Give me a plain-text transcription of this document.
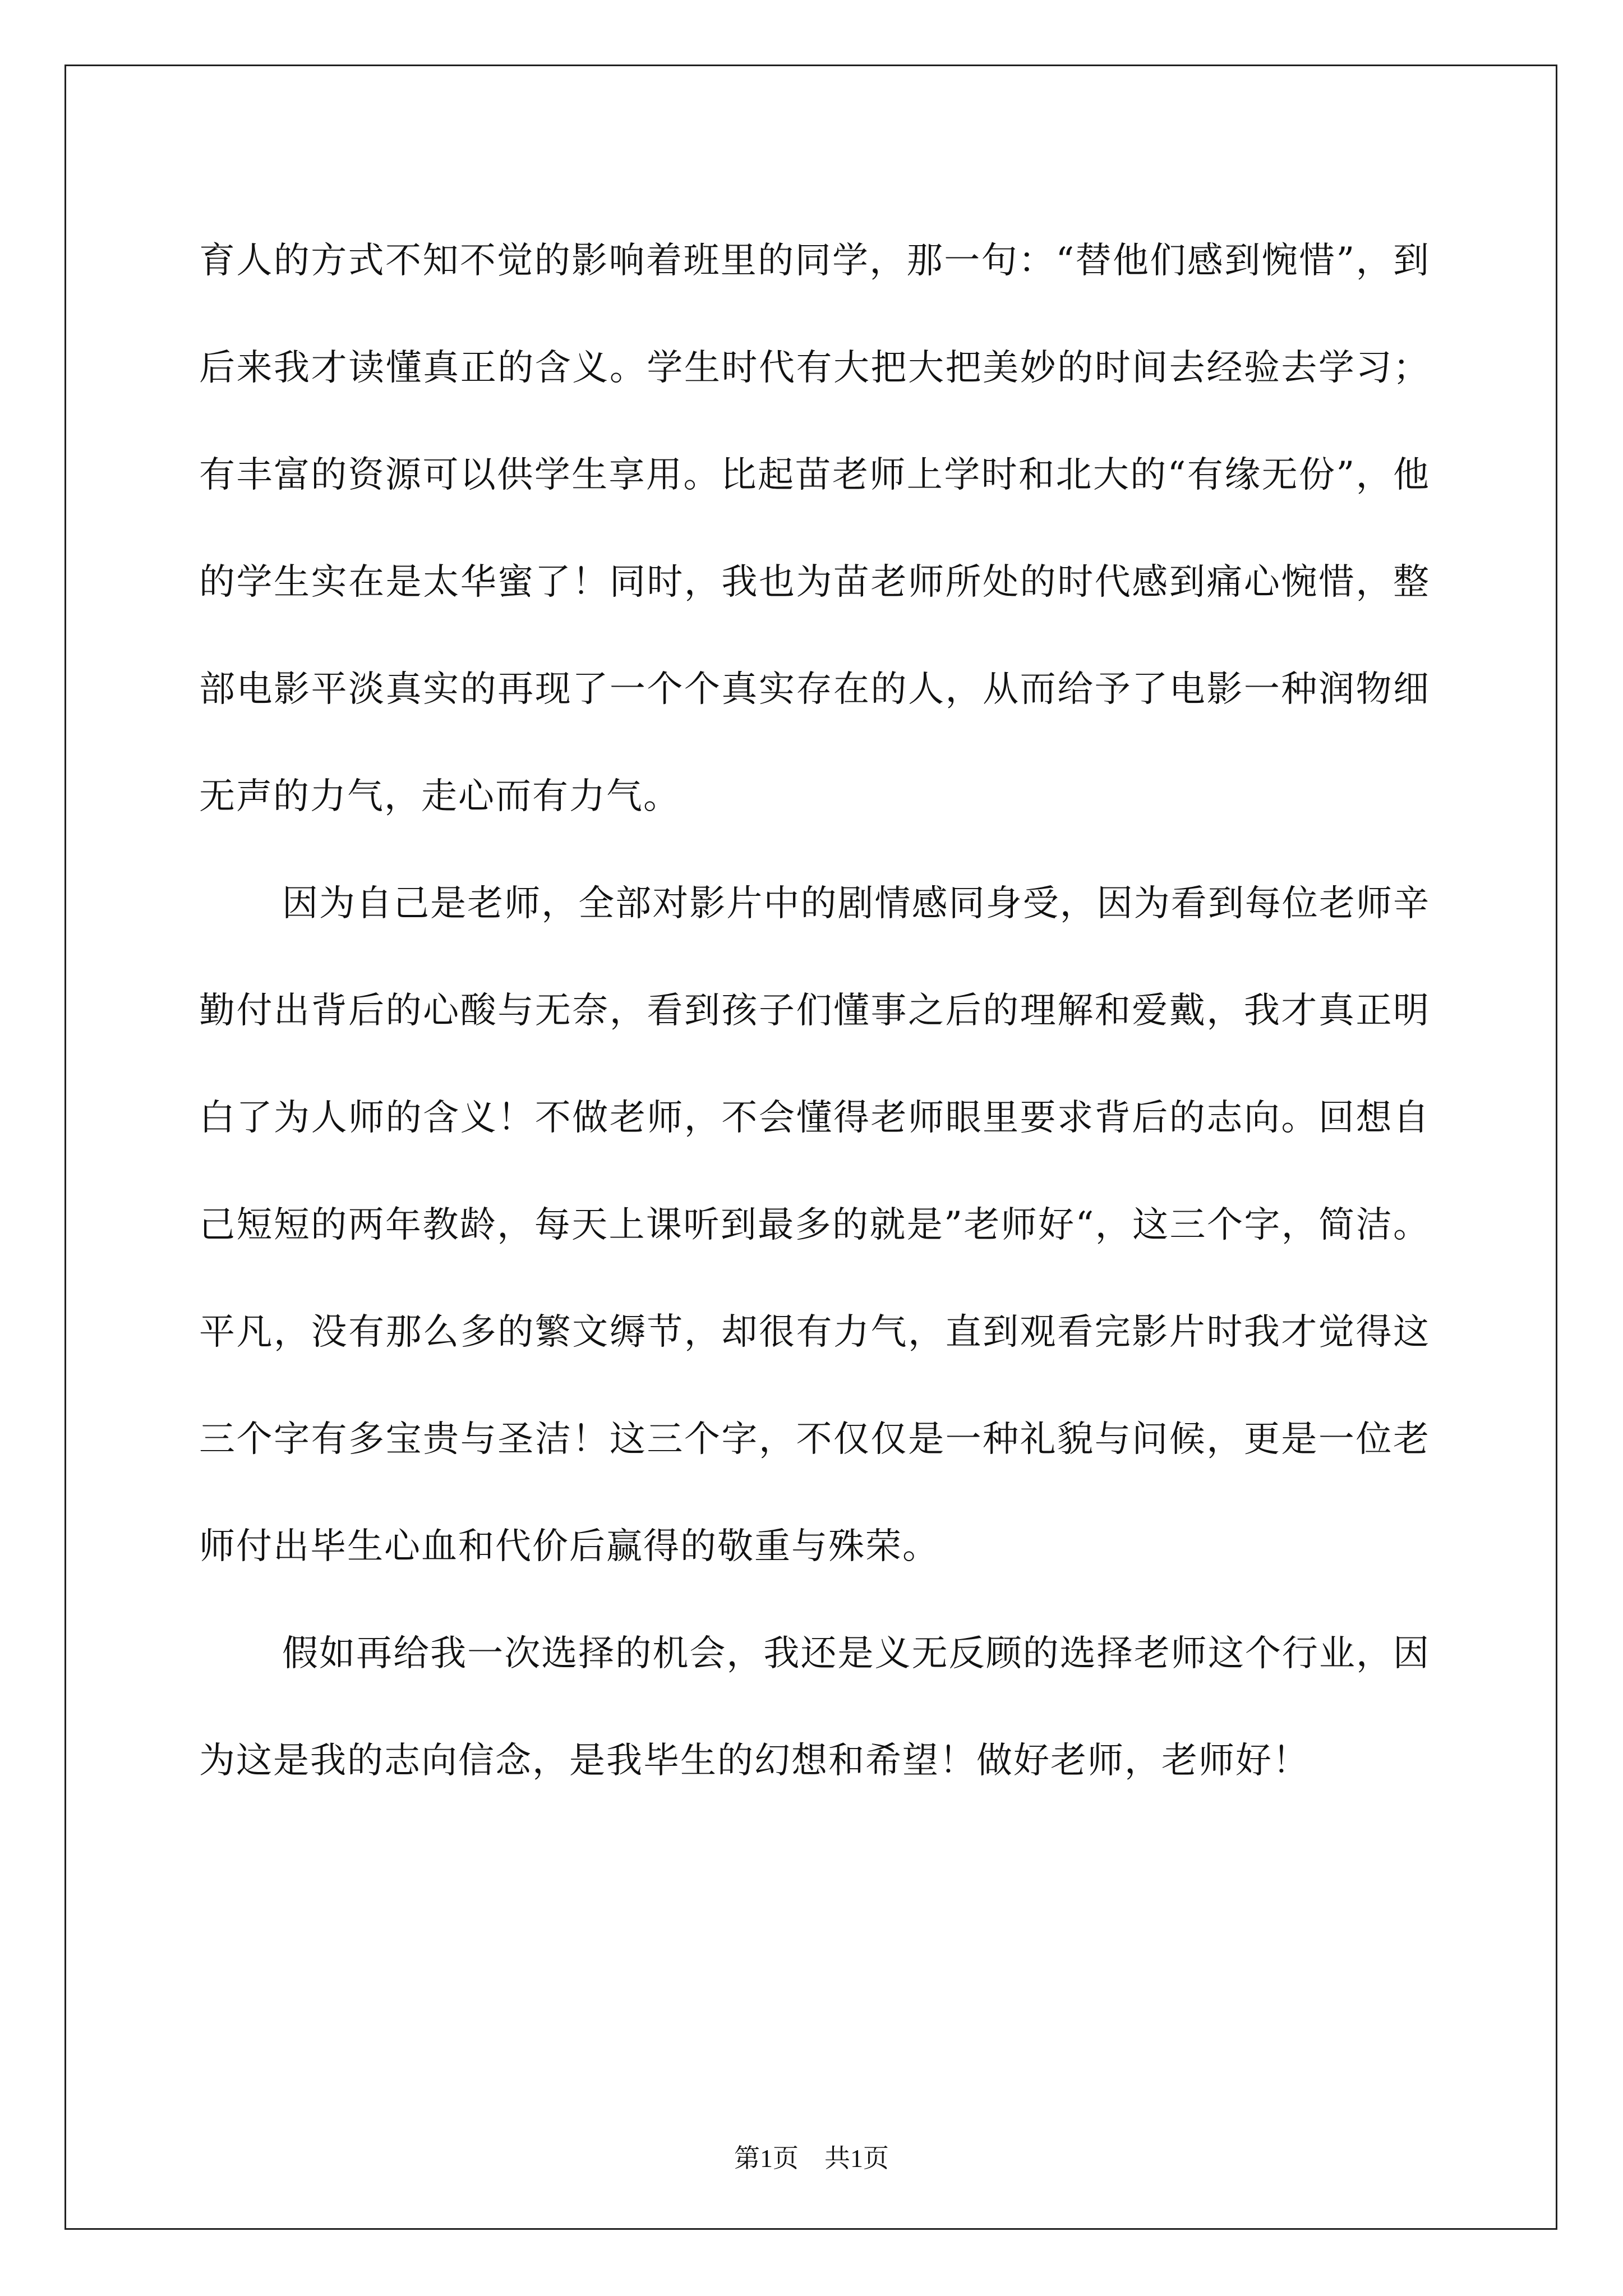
育人的方式不知不觉的影响着班里的同学，那一句：“替他们感到惋惜”，到后来我才读懂真正的含义。学生时代有大把大把美妙的时间去经验去学习；有丰富的资源可以供学生享用。比起苗老师上学时和北大的“有缘无份”，他的学生实在是太华蜜了！同时，我也为苗老师所处的时代感到痛心惋惜，整部电影平淡真实的再现了一个个真实存在的人，从而给予了电影一种润物细无声的力气，走心而有力气。

因为自己是老师，全部对影片中的剧情感同身受，因为看到每位老师辛勤付出背后的心酸与无奈，看到孩子们懂事之后的理解和爱戴，我才真正明白了为人师的含义！不做老师，不会懂得老师眼里要求背后的志向。回想自己短短的两年教龄，每天上课听到最多的就是”老师好“，这三个字，简洁。平凡，没有那么多的繁文缛节，却很有力气，直到观看完影片时我才觉得这三个字有多宝贵与圣洁！这三个字，不仅仅是一种礼貌与问候，更是一位老师付出毕生心血和代价后赢得的敬重与殊荣。

假如再给我一次选择的机会，我还是义无反顾的选择老师这个行业，因为这是我的志向信念，是我毕生的幻想和希望！做好老师，老师好！

第1页 共1页
